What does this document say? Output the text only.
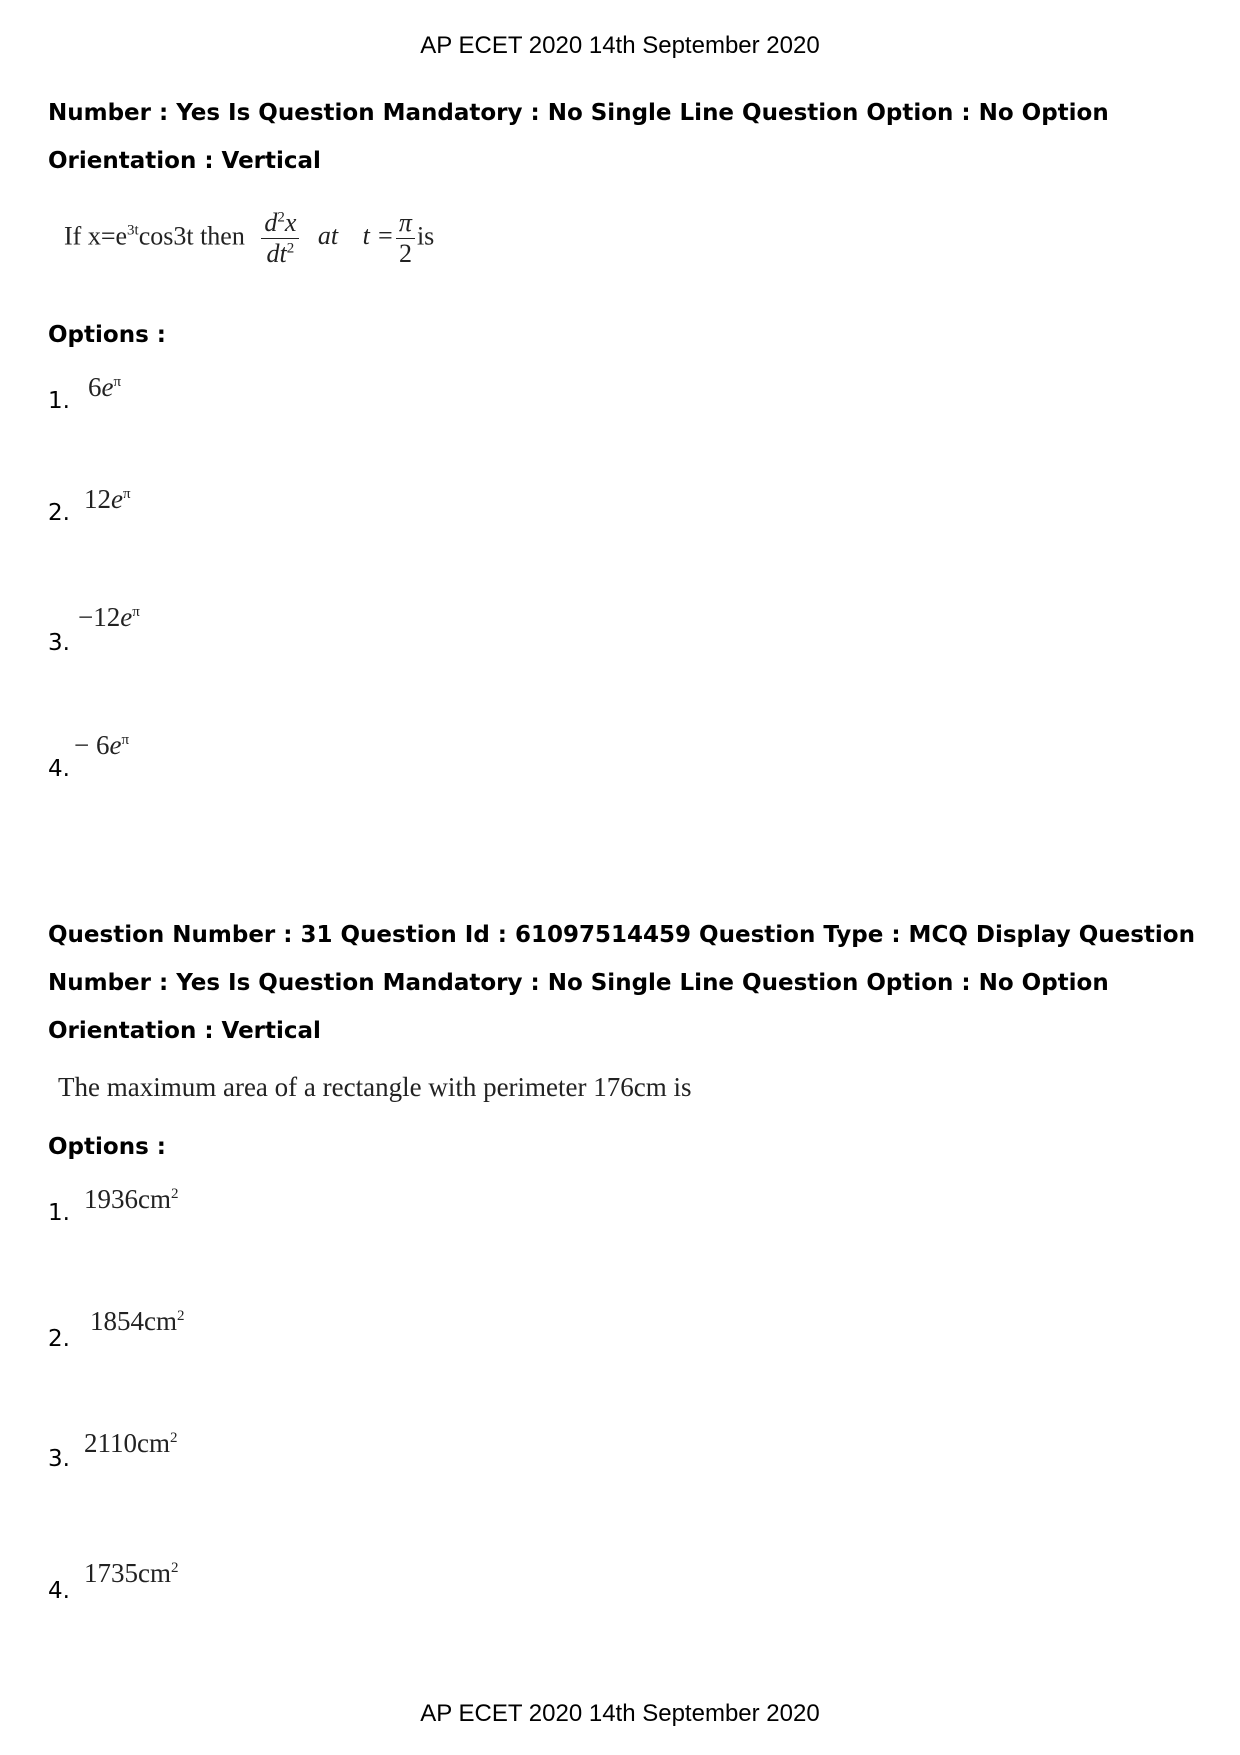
AP ECET 2020 14th September 2020
Number : Yes Is Question Mandatory : No Single Line Question Option : No Option
Orientation : Vertical
If $x=e^{3t}\cos 3t$ then $\frac{d^2x}{dt^2}$ at $t = \frac{\pi}{2}$ is
Options :
1. $6e^\pi$
2. $12e^\pi$
3.
$-12e^\pi$
4.
− $6e^\pi$
Question Number : 31 Question Id : 61097514459 Question Type : MCQ Display Question
Number : Yes Is Question Mandatory : No Single Line Question Option : No Option
Orientation : Vertical
The maximum area of a rectangle with perimeter 176cm is
Options :
1. $1936cm^2$
2.
$1854cm^2$
3.
$2110cm^2$
4.
$1735cm^2$
AP ECET 2020 14th September 2020
